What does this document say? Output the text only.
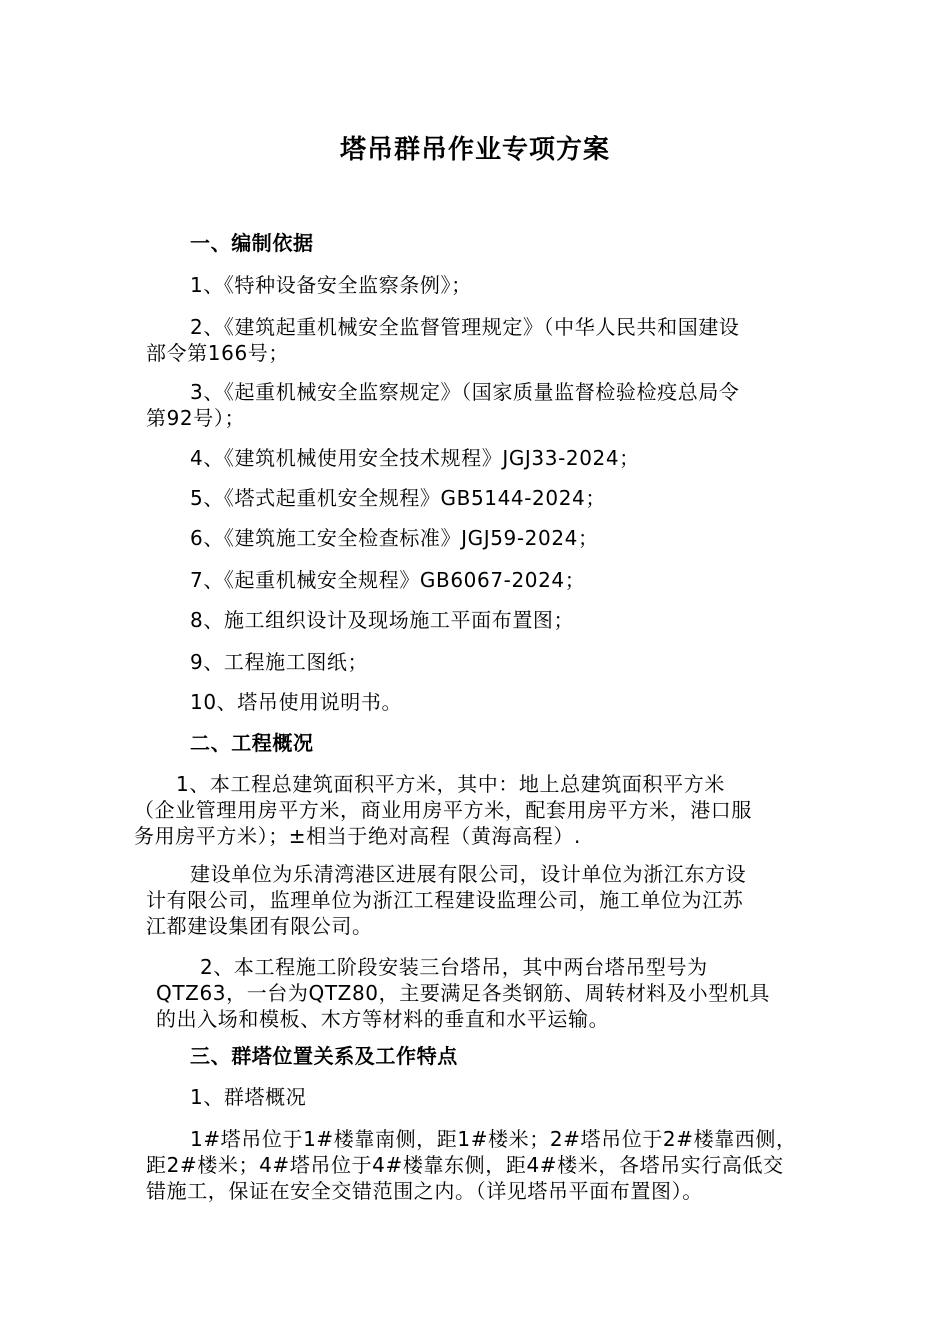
塔吊群吊作业专项方案
一、编制依据
1、《特种设备安全监察条例》；
2、《建筑起重机械安全监督管理规定》（中华人民共和国建设
部令第166号；
3、《起重机械安全监察规定》（国家质量监督检验检疫总局令
第92号）；
4、《建筑机械使用安全技术规程》JGJ33-2024；
5、《塔式起重机安全规程》GB5144-2024；
6、《建筑施工安全检查标准》JGJ59-2024；
7、《起重机械安全规程》GB6067-2024；
8、施工组织设计及现场施工平面布置图；
9、工程施工图纸；
10、塔吊使用说明书。
二、工程概况
1、本工程总建筑面积平方米，其中：地上总建筑面积平方米
（企业管理用房平方米，商业用房平方米，配套用房平方米，港口服
务用房平方米）；±相当于绝对高程（黄海高程）.
建设单位为乐清湾港区进展有限公司，设计单位为浙江东方设
计有限公司，监理单位为浙江工程建设监理公司，施工单位为江苏
江都建设集团有限公司。
2、本工程施工阶段安装三台塔吊，其中两台塔吊型号为
QTZ63，一台为QTZ80，主要满足各类钢筋、周转材料及小型机具
的出入场和模板、木方等材料的垂直和水平运输。
三、群塔位置关系及工作特点
1、群塔概况
1#塔吊位于1#楼靠南侧，距1#楼米；2#塔吊位于2#楼靠西侧，
距2#楼米；4#塔吊位于4#楼靠东侧，距4#楼米，各塔吊实行高低交
错施工，保证在安全交错范围之内。（详见塔吊平面布置图）。
